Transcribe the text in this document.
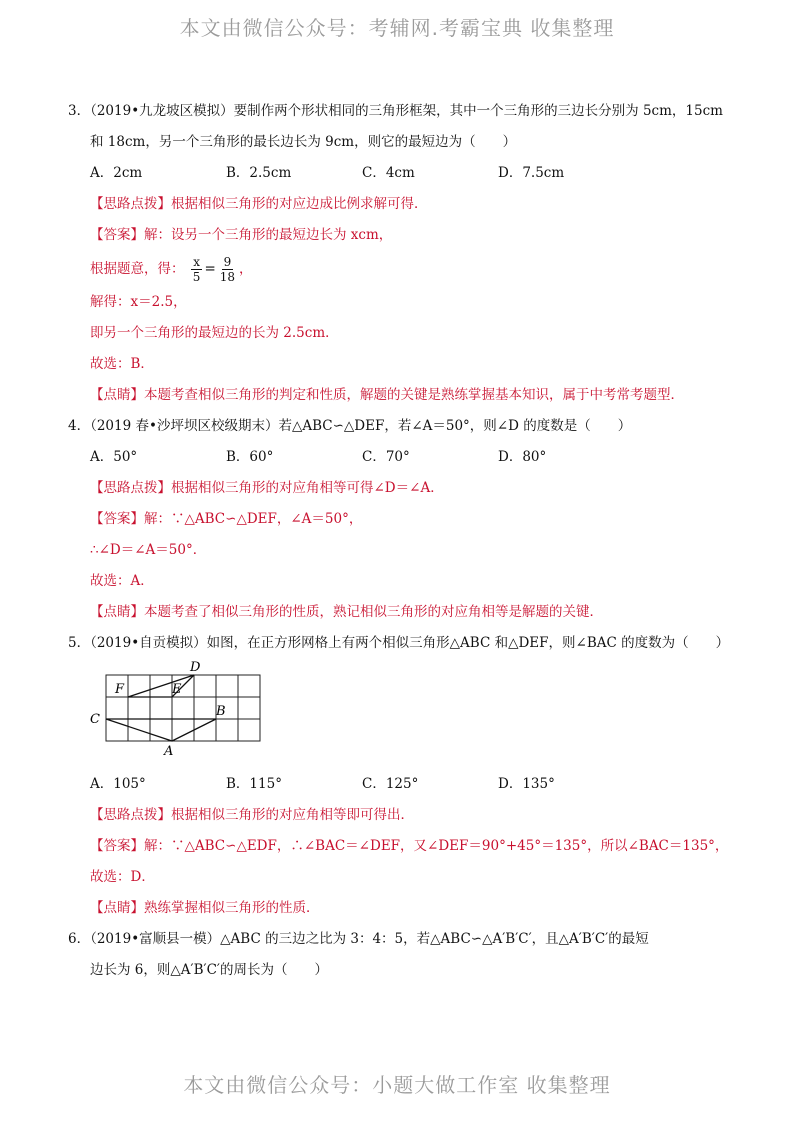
本文由微信公众号：考辅网.考霸宝典 收集整理
3．（2019•九龙坡区模拟）要制作两个形状相同的三角形框架，其中一个三角形的三边长分别为 5cm，15cm
和 18cm，另一个三角形的最长边长为 9cm，则它的最短边为（　　）
A．2cm	B．2.5cm	C．4cm	D．7.5cm
【思路点拨】根据相似三角形的对应边成比例求解可得．
【答案】解：设另一个三角形的最短边长为 xcm，
根据题意，得： $\frac{x}{5} = \frac{9}{18}$ ，
解得：x＝2.5，
即另一个三角形的最短边的长为 2.5cm．
故选：B．
【点睛】本题考查相似三角形的判定和性质，解题的关键是熟练掌握基本知识，属于中考常考题型．
4．（2019 春•沙坪坝区校级期末）若△ABC∽△DEF，若∠A＝50°，则∠D 的度数是（　　）
A．50°	B．60°	C．70°	D．80°
【思路点拨】根据相似三角形的对应角相等可得∠D＝∠A．
【答案】解：∵△ABC∽△DEF，∠A＝50°，
∴∠D＝∠A＝50°．
故选：A．
【点睛】本题考查了相似三角形的性质，熟记相似三角形的对应角相等是解题的关键．
5．（2019•自贡模拟）如图，在正方形网格上有两个相似三角形△ABC 和△DEF，则∠BAC 的度数为（　　）
D
F	E
B
C
A
A．105°	B．115°	C．125°	D．135°
【思路点拨】根据相似三角形的对应角相等即可得出．
【答案】解：∵△ABC∽△EDF，∴∠BAC＝∠DEF，又∠DEF＝90°+45°＝135°，所以∠BAC＝135°，
故选：D．
【点睛】熟练掌握相似三角形的性质．
6．（2019•富顺县一模）△ABC 的三边之比为 3：4：5，若△ABC∽△A′B′C′，且△A′B′C′的最短
边长为 6，则△A′B′C′的周长为（　　）
本文由微信公众号：小题大做工作室 收集整理
